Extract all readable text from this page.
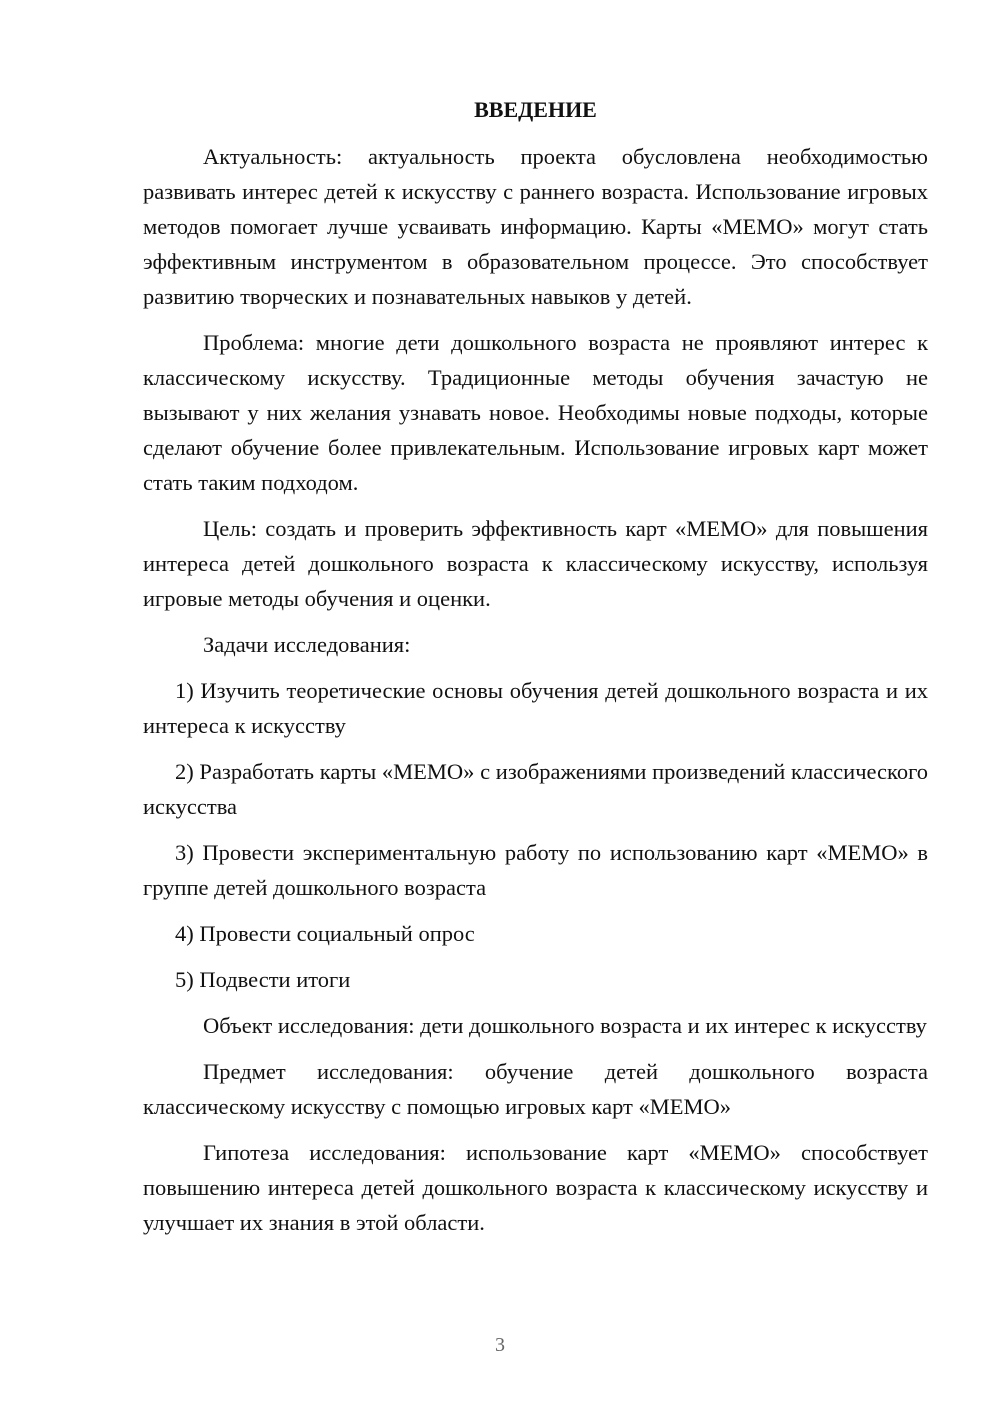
ВВЕДЕНИЕ

Актуальность: актуальность проекта обусловлена необходимостью развивать интерес детей к искусству с раннего возраста. Использование игровых методов помогает лучше усваивать информацию. Карты «МЕМО» могут стать эффективным инструментом в образовательном процессе. Это способствует развитию творческих и познавательных навыков у детей.

Проблема: многие дети дошкольного возраста не проявляют интерес к классическому искусству. Традиционные методы обучения зачастую не вызывают у них желания узнавать новое. Необходимы новые подходы, которые сделают обучение более привлекательным. Использование игровых карт может стать таким подходом.

Цель: создать и проверить эффективность карт «МЕМО» для повышения интереса детей дошкольного возраста к классическому искусству, используя игровые методы обучения и оценки.

Задачи исследования:

1) Изучить теоретические основы обучения детей дошкольного возраста и их интереса к искусству

2) Разработать карты «МЕМО» с изображениями произведений классического искусства

3) Провести экспериментальную работу по использованию карт «МЕМО» в группе детей дошкольного возраста

4) Провести социальный опрос

5) Подвести итоги

Объект исследования: дети дошкольного возраста и их интерес к искусству

Предмет исследования: обучение детей дошкольного возраста классическому искусству с помощью игровых карт «МЕМО»

Гипотеза исследования: использование карт «МЕМО» способствует повышению интереса детей дошкольного возраста к классическому искусству и улучшает их знания в этой области.

3
